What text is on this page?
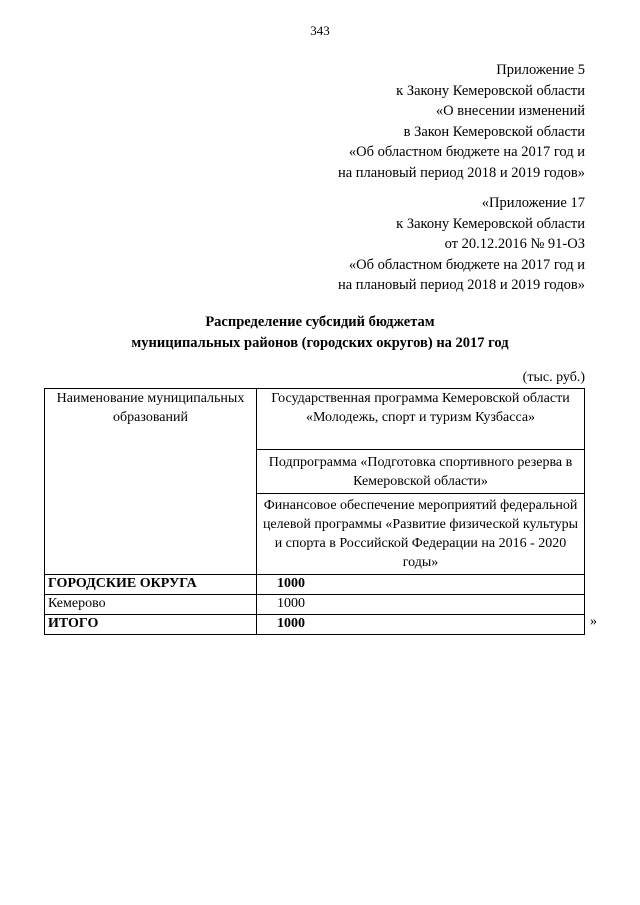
343
Приложение 5
к Закону Кемеровской области
«О внесении изменений
в Закон Кемеровской области
«Об областном бюджете на 2017 год и
на плановый период 2018 и 2019 годов»
«Приложение 17
к Закону Кемеровской области
от 20.12.2016 № 91-ОЗ
«Об областном бюджете на 2017 год и
на плановый период 2018 и 2019 годов»
Распределение субсидий бюджетам
муниципальных районов (городских округов) на 2017 год
(тыс. руб.)
Наименование муниципальных образований	Государственная программа Кемеровской области «Молодежь, спорт и туризм Кузбасса»
	Подпрограмма «Подготовка спортивного резерва в Кемеровской области»
	Финансовое обеспечение мероприятий федеральной целевой программы «Развитие физической культуры и спорта в Российской Федерации на 2016 - 2020 годы»
ГОРОДСКИЕ ОКРУГА	1000
Кемерово	1000
ИТОГО	1000	»
